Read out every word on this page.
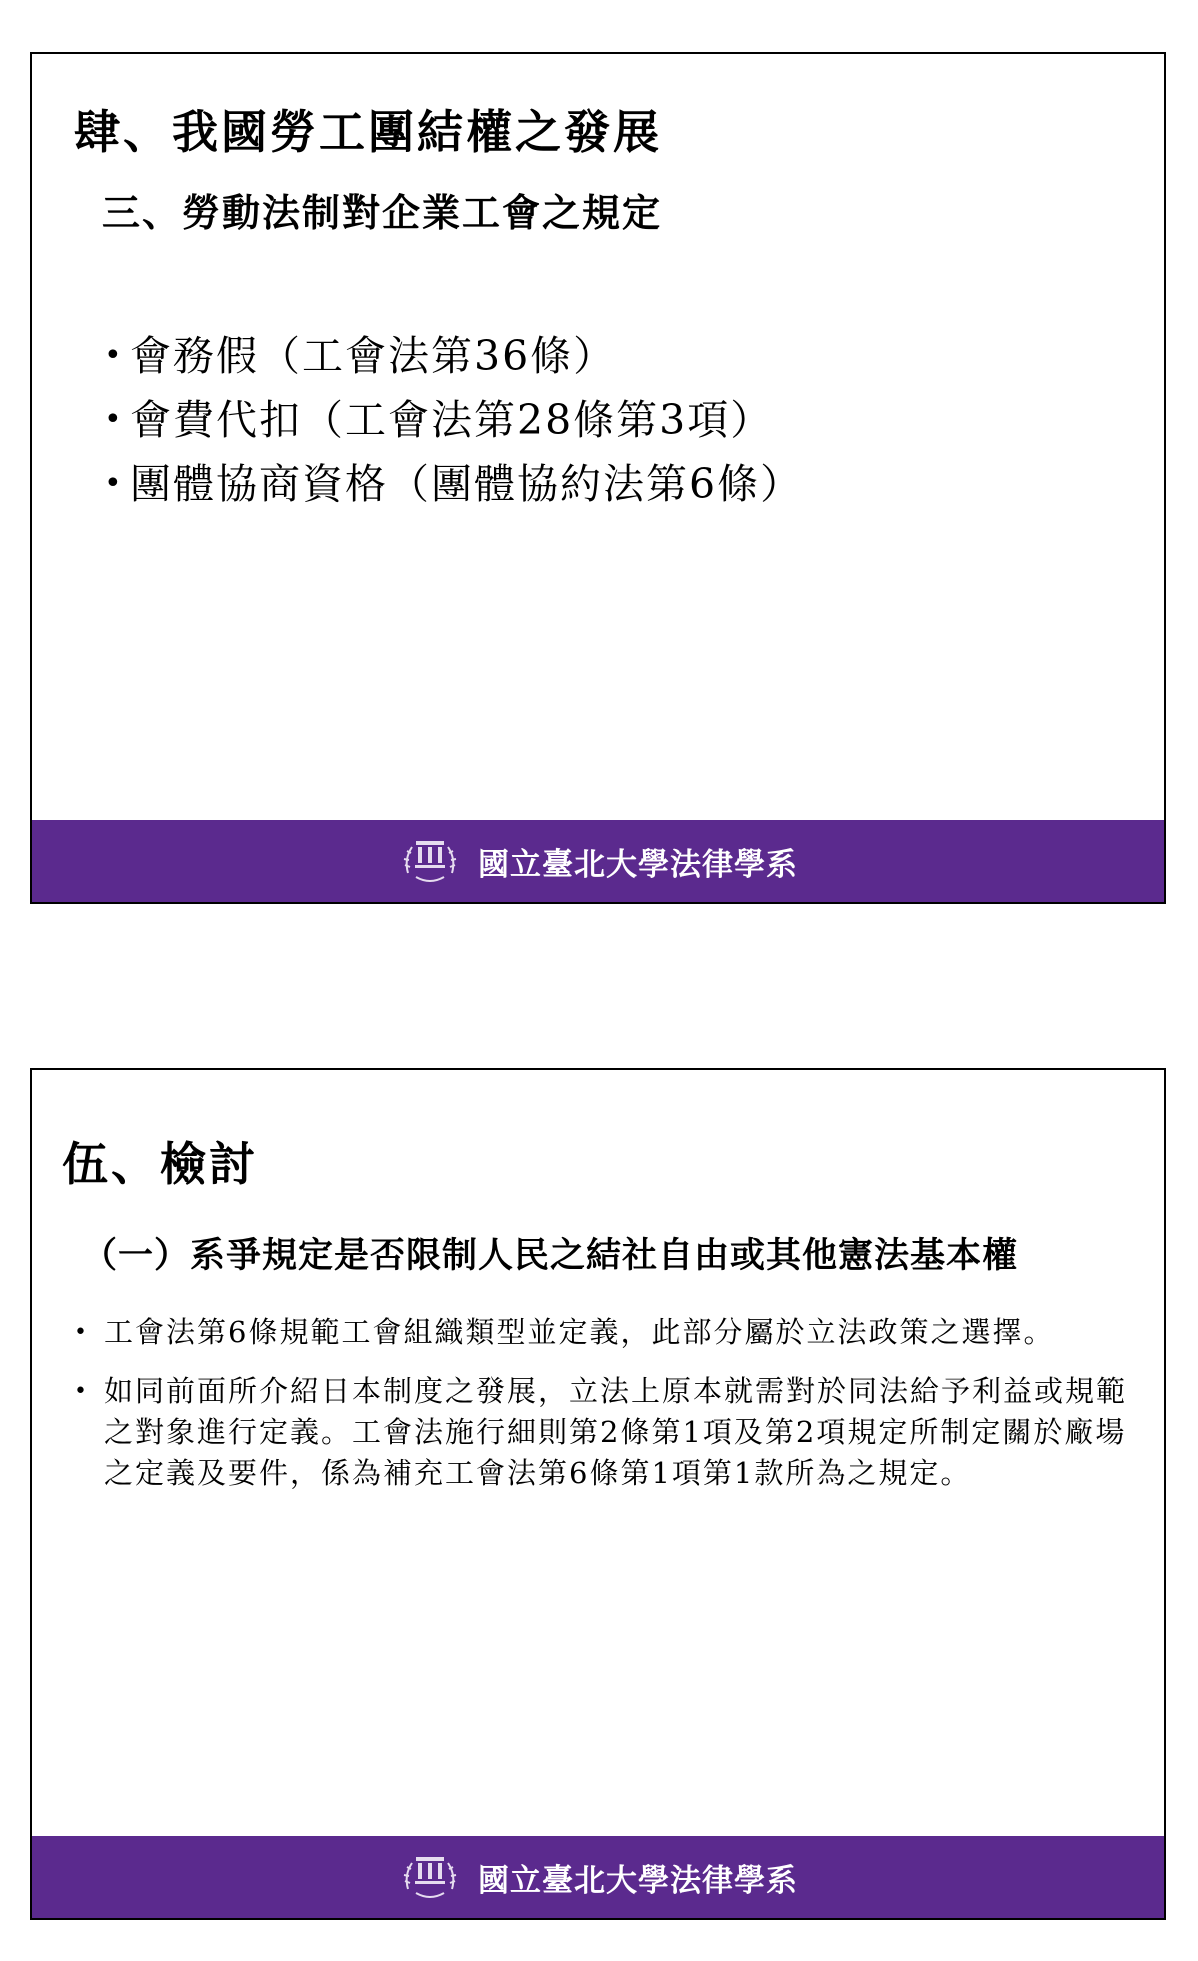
肆、我國勞工團結權之發展
三、勞動法制對企業工會之規定
• 會務假（工會法第36條）
• 會費代扣（工會法第28條第3項）
• 團體協商資格（團體協約法第6條）
國立臺北大學法律學系
伍、檢討
（一）系爭規定是否限制人民之結社自由或其他憲法基本權
• 工會法第6條規範工會組織類型並定義，此部分屬於立法政策之選擇。
• 如同前面所介紹日本制度之發展，立法上原本就需對於同法給予利益或規範之對象進行定義。工會法施行細則第2條第1項及第2項規定所制定關於廠場之定義及要件，係為補充工會法第6條第1項第1款所為之規定。
國立臺北大學法律學系
